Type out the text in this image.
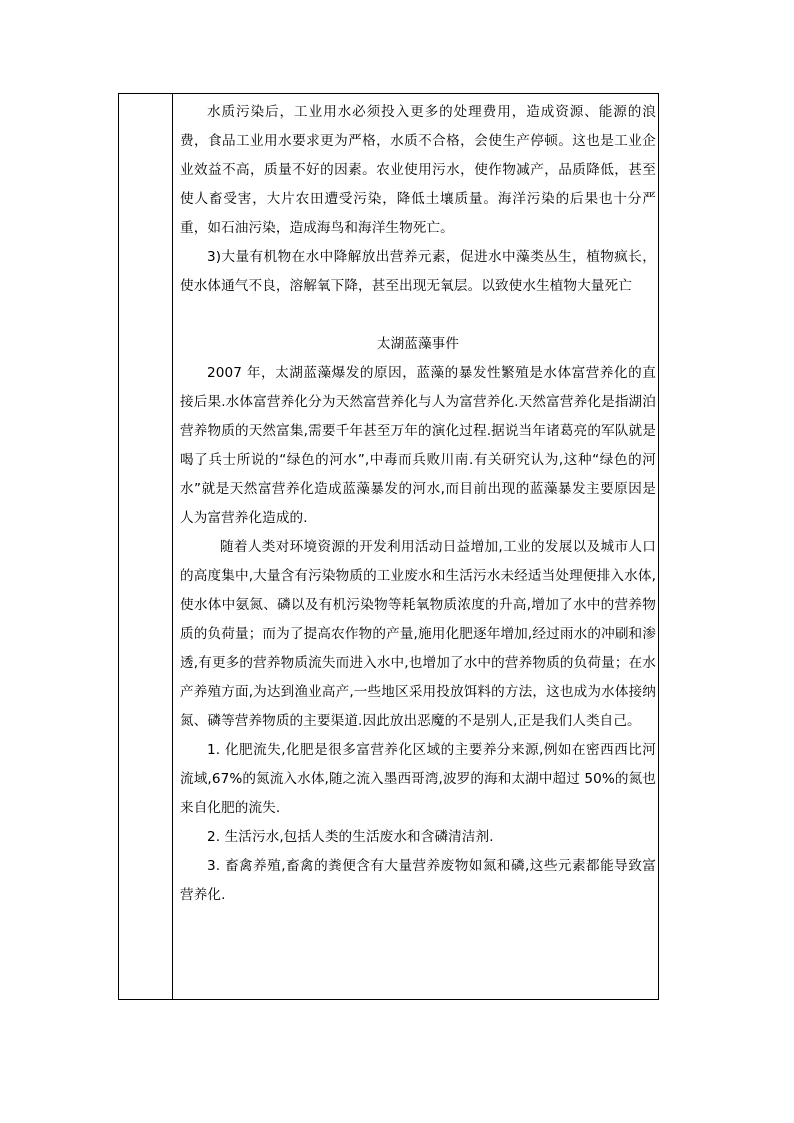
水质污染后，工业用水必须投入更多的处理费用，造成资源、能源的浪费，食品工业用水要求更为严格，水质不合格，会使生产停顿。这也是工业企业效益不高，质量不好的因素。农业使用污水，使作物减产，品质降低，甚至使人畜受害，大片农田遭受污染，降低土壤质量。海洋污染的后果也十分严重，如石油污染，造成海鸟和海洋生物死亡。

3)大量有机物在水中降解放出营养元素，促进水中藻类丛生，植物疯长，使水体通气不良，溶解氧下降，甚至出现无氧层。以致使水生植物大量死亡

太湖蓝藻事件

2007 年，太湖蓝藻爆发的原因，蓝藻的暴发性繁殖是水体富营养化的直接后果.水体富营养化分为天然富营养化与人为富营养化.天然富营养化是指湖泊营养物质的天然富集,需要千年甚至万年的演化过程.据说当年诸葛亮的军队就是喝了兵士所说的“绿色的河水”,中毒而兵败川南.有关研究认为,这种“绿色的河水”就是天然富营养化造成蓝藻暴发的河水,而目前出现的蓝藻暴发主要原因是人为富营养化造成的.

随着人类对环境资源的开发利用活动日益增加,工业的发展以及城市人口的高度集中,大量含有污染物质的工业废水和生活污水未经适当处理便排入水体,使水体中氨氮、磷以及有机污染物等耗氧物质浓度的升高,增加了水中的营养物质的负荷量；而为了提高农作物的产量,施用化肥逐年增加,经过雨水的冲刷和渗透,有更多的营养物质流失而进入水中,也增加了水中的营养物质的负荷量；在水产养殖方面,为达到渔业高产,一些地区采用投放饵料的方法，这也成为水体接纳氮、磷等营养物质的主要渠道.因此放出恶魔的不是别人,正是我们人类自己。

1. 化肥流失,化肥是很多富营养化区域的主要养分来源,例如在密西西比河流域,67%的氮流入水体,随之流入墨西哥湾,波罗的海和太湖中超过 50%的氮也来自化肥的流失.

2. 生活污水,包括人类的生活废水和含磷清洁剂.

3. 畜禽养殖,畜禽的粪便含有大量营养废物如氮和磷,这些元素都能导致富营养化.
